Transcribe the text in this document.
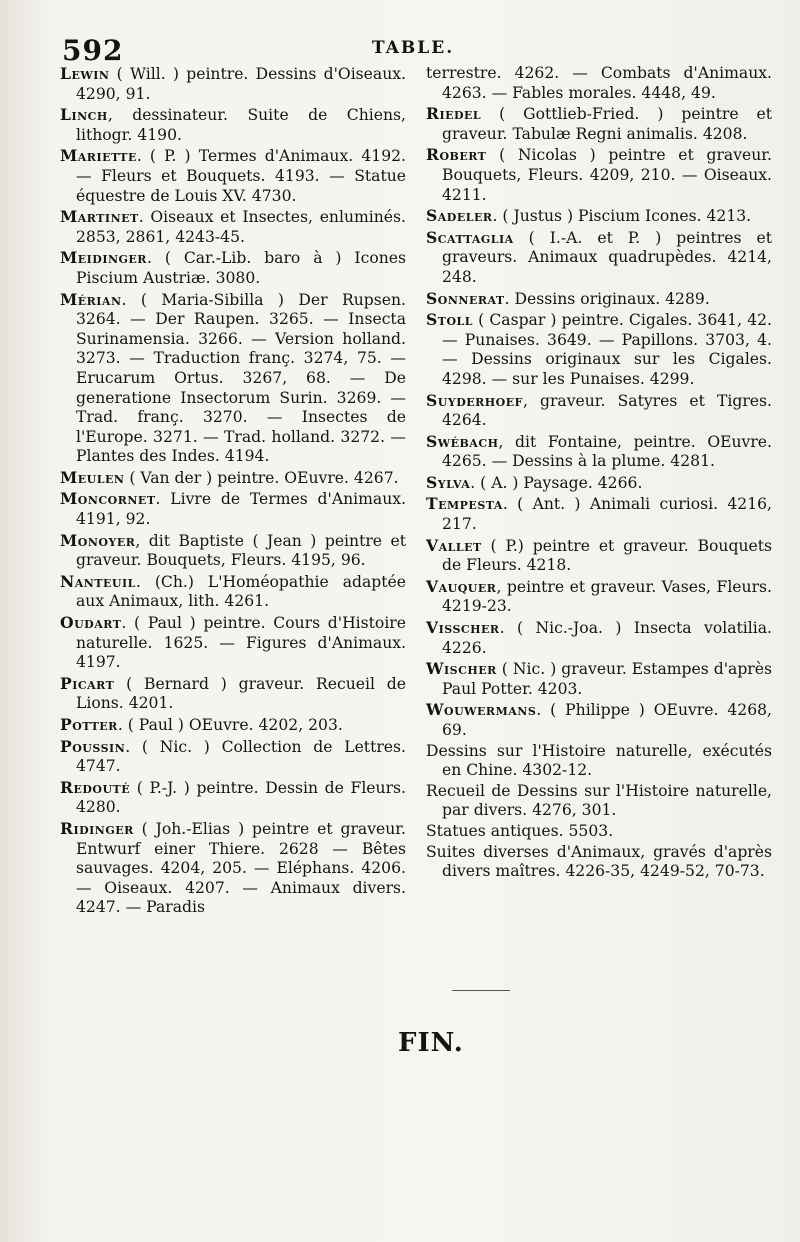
592	TABLE.

Lewin ( Will. ) peintre. Dessins d'Oiseaux. 4290, 91.

Linch, dessinateur. Suite de Chiens, lithogr. 4190.

Mariette. ( P. ) Termes d'Animaux. 4192. — Fleurs et Bouquets. 4193. — Statue équestre de Louis XV. 4730.

Martinet. Oiseaux et Insectes, enluminés. 2853, 2861, 4243-45.

Meidinger. ( Car.-Lib. baro à ) Icones Piscium Austriæ. 3080.

Mérian. ( Maria-Sibilla ) Der Rupsen. 3264. — Der Raupen. 3265. — Insecta Surinamensia. 3266. — Version holland. 3273. — Traduction franç. 3274, 75. — Erucarum Ortus. 3267, 68. — De generatione Insectorum Surin. 3269. — Trad. franç. 3270. — Insectes de l'Europe. 3271. — Trad. holland. 3272. — Plantes des Indes. 4194.

Meulen ( Van der ) peintre. OEuvre. 4267.

Moncornet. Livre de Termes d'Animaux. 4191, 92.

Monoyer, dit Baptiste ( Jean ) peintre et graveur. Bouquets, Fleurs. 4195, 96.

Nanteuil. (Ch.) L'Homéopathie adaptée aux Animaux, lith. 4261.

Oudart. ( Paul ) peintre. Cours d'Histoire naturelle. 1625. — Figures d'Animaux. 4197.

Picart ( Bernard ) graveur. Recueil de Lions. 4201.

Potter. ( Paul ) OEuvre. 4202, 203.

Poussin. ( Nic. ) Collection de Lettres. 4747.

Redouté ( P.-J. ) peintre. Dessin de Fleurs. 4280.

Ridinger ( Joh.-Elias ) peintre et graveur. Entwurf einer Thiere. 2628 — Bêtes sauvages. 4204, 205. — Eléphans. 4206. — Oiseaux. 4207. — Animaux divers. 4247. — Paradis

terrestre. 4262. — Combats d'Animaux. 4263. — Fables morales. 4448, 49.

Riedel ( Gottlieb-Fried. ) peintre et graveur. Tabulæ Regni animalis. 4208.

Robert ( Nicolas ) peintre et graveur. Bouquets, Fleurs. 4209, 210. — Oiseaux. 4211.

Sadeler. ( Justus ) Piscium Icones. 4213.

Scattaglia ( I.-A. et P. ) peintres et graveurs. Animaux quadrupèdes. 4214, 248.

Sonnerat. Dessins originaux. 4289.

Stoll ( Caspar ) peintre. Cigales. 3641, 42. — Punaises. 3649. — Papillons. 3703, 4. — Dessins originaux sur les Cigales. 4298. — sur les Punaises. 4299.

Suyderhoef, graveur. Satyres et Tigres. 4264.

Swébach, dit Fontaine, peintre. OEuvre. 4265. — Dessins à la plume. 4281.

Sylva. ( A. ) Paysage. 4266.

Tempesta. ( Ant. ) Animali curiosi. 4216, 217.

Vallet ( P.) peintre et graveur. Bouquets de Fleurs. 4218.

Vauquer, peintre et graveur. Vases, Fleurs. 4219-23.

Visscher. ( Nic.-Joa. ) Insecta volatilia. 4226.

Wischer ( Nic. ) graveur. Estampes d'après Paul Potter. 4203.

Wouwermans. ( Philippe ) OEuvre. 4268, 69.

Dessins sur l'Histoire naturelle, exécutés en Chine. 4302-12.

Recueil de Dessins sur l'Histoire naturelle, par divers. 4276, 301.

Statues antiques. 5503.

Suites diverses d'Animaux, gravés d'après divers maîtres. 4226-35, 4249-52, 70-73.

FIN.
